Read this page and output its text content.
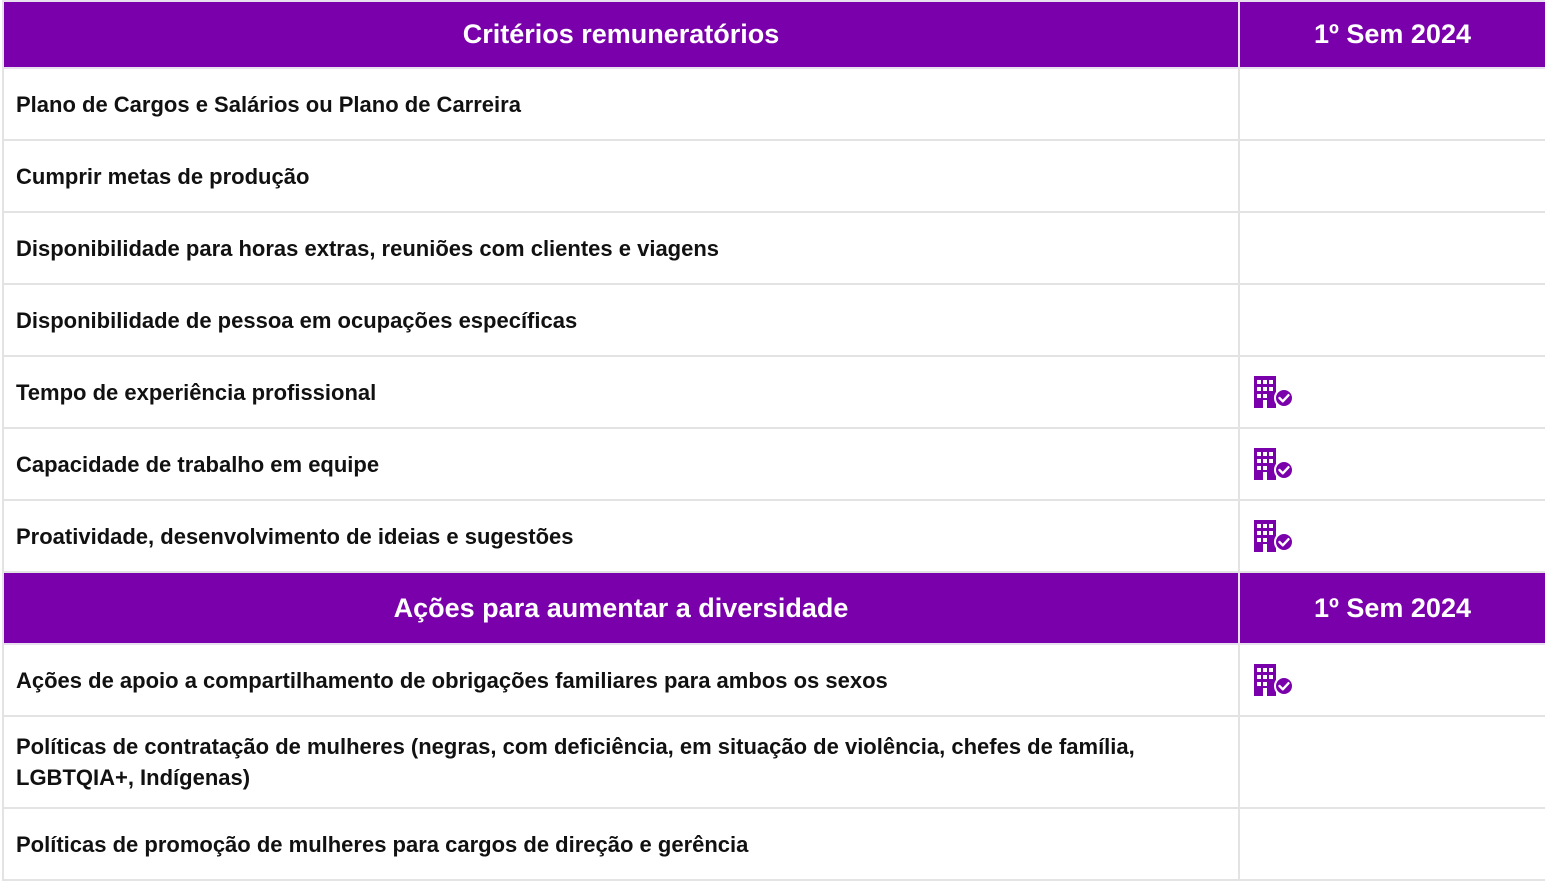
Critérios remuneratórios	1º Sem 2024
Plano de Cargos e Salários ou Plano de Carreira	
Cumprir metas de produção	
Disponibilidade para horas extras, reuniões com clientes e viagens	
Disponibilidade de pessoa em ocupações específicas	
Tempo de experiência profissional	
Capacidade de trabalho em equipe	
Proatividade, desenvolvimento de ideias e sugestões	
Ações para aumentar a diversidade	1º Sem 2024
Ações de apoio a compartilhamento de obrigações familiares para ambos os sexos	
Políticas de contratação de mulheres (negras, com deficiência, em situação de violência, chefes de família, LGBTQIA+, Indígenas)	
Políticas de promoção de mulheres para cargos de direção e gerência	
